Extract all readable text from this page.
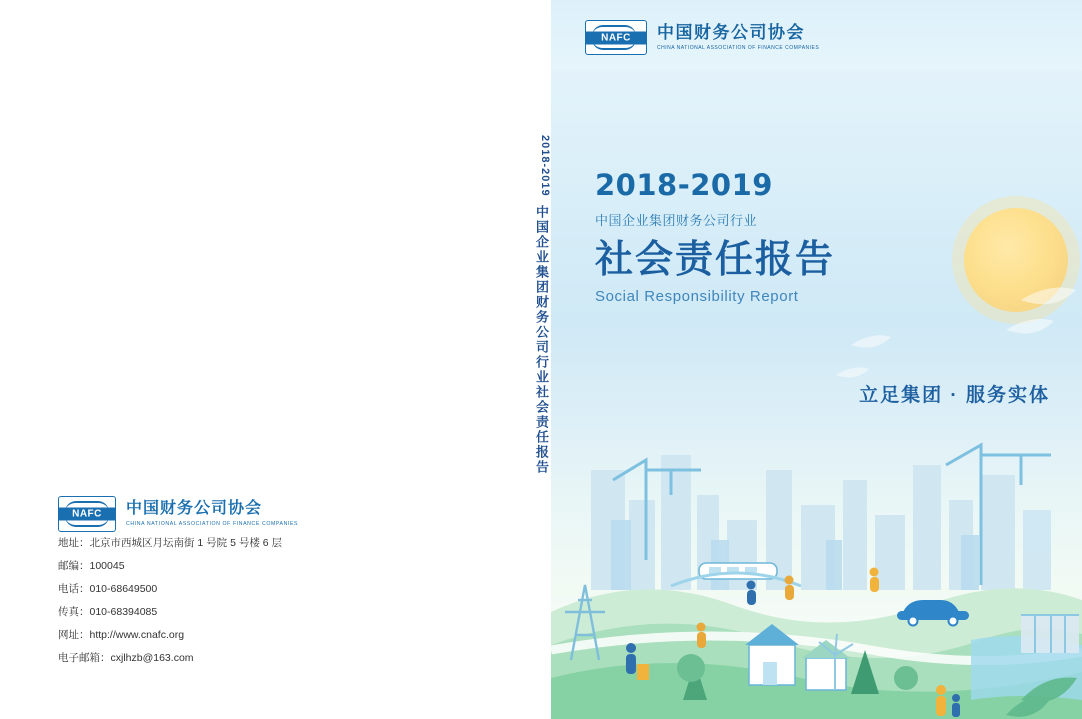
NAFC	中国财务公司协会
CHINA NATIONAL ASSOCIATION OF FINANCE COMPANIES
地址：北京市西城区月坛南街 1 号院 5 号楼 6 层
邮编：100045
电话：010-68649500
传真：010-68394085
网址：http://www.cnafc.org
电子邮箱：cxjlhzb@163.com
2018-2019
中国企业集团财务公司行业社会责任报告
NAFC	中国财务公司协会
CHINA NATIONAL ASSOCIATION OF FINANCE COMPANIES
2018-2019
中国企业集团财务公司行业
社会责任报告
Social Responsibility Report
立足集团 · 服务实体
